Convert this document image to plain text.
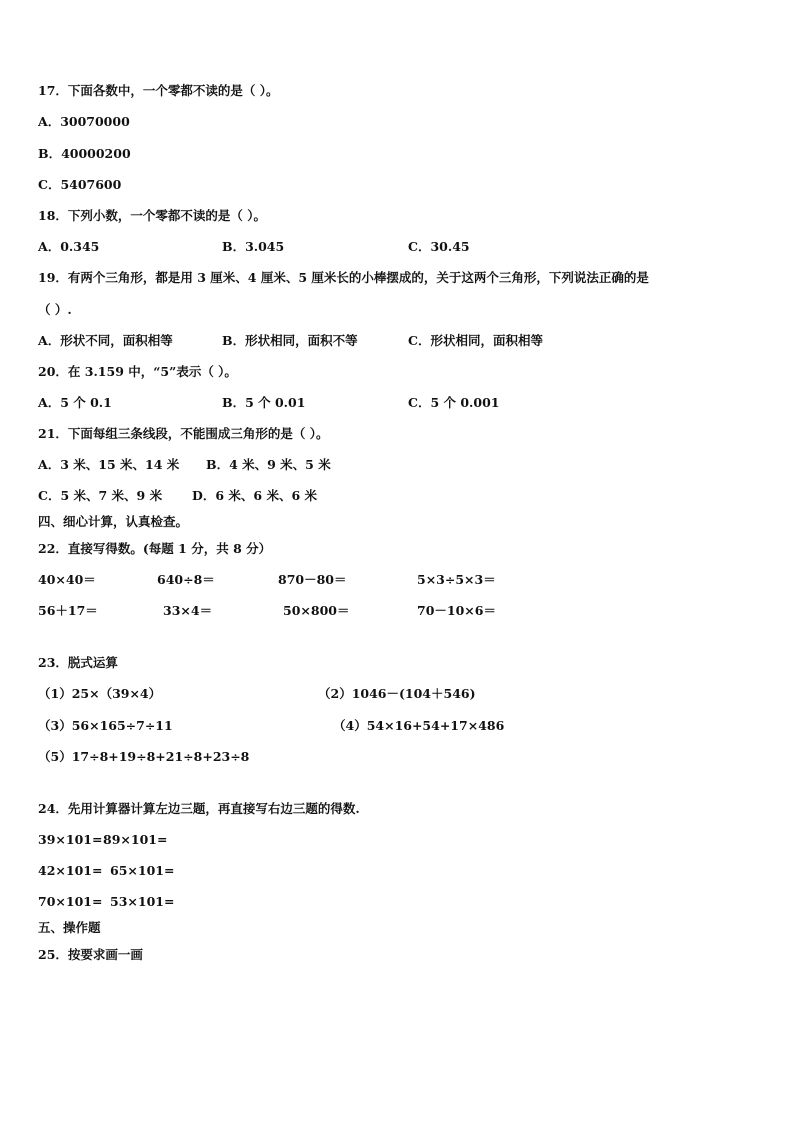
17．下面各数中，一个零都不读的是（ ）。
A．30070000
B．40000200
C．5407600
18．下列小数，一个零都不读的是（ ）。
A．0.345	B．3.045	C．30.45
19．有两个三角形，都是用 3 厘米、4 厘米、5 厘米长的小棒摆成的，关于这两个三角形，下列说法正确的是
（ ）.
A．形状不同，面积相等	B．形状相同，面积不等	C．形状相同，面积相等
20．在 3.159 中，“5”表示（ ）。
A．5 个 0.1	B．5 个 0.01	C．5 个 0.001
21．下面每组三条线段，不能围成三角形的是（ ）。
A．3 米、15 米、14 米 B．4 米、9 米、5 米
C．5 米、7 米、9 米 D．6 米、6 米、6 米
四、细心计算，认真检查。
22．直接写得数。(每题 1 分，共 8 分）
40×40＝	640÷8＝	870－80＝	5×3÷5×3＝
56＋17＝	33×4＝	50×800＝	70－10×6＝
23．脱式运算
（1）25×（39×4）	（2）1046－(104＋546)
（3）56×165÷7÷11	（4）54×16+54+17×486
（5）17÷8+19÷8+21÷8+23÷8
24．先用计算器计算左边三题，再直接写右边三题的得数.
39×101= 89×101=
42×101= 65×101=
70×101= 53×101=
五、操作题
25．按要求画一画
